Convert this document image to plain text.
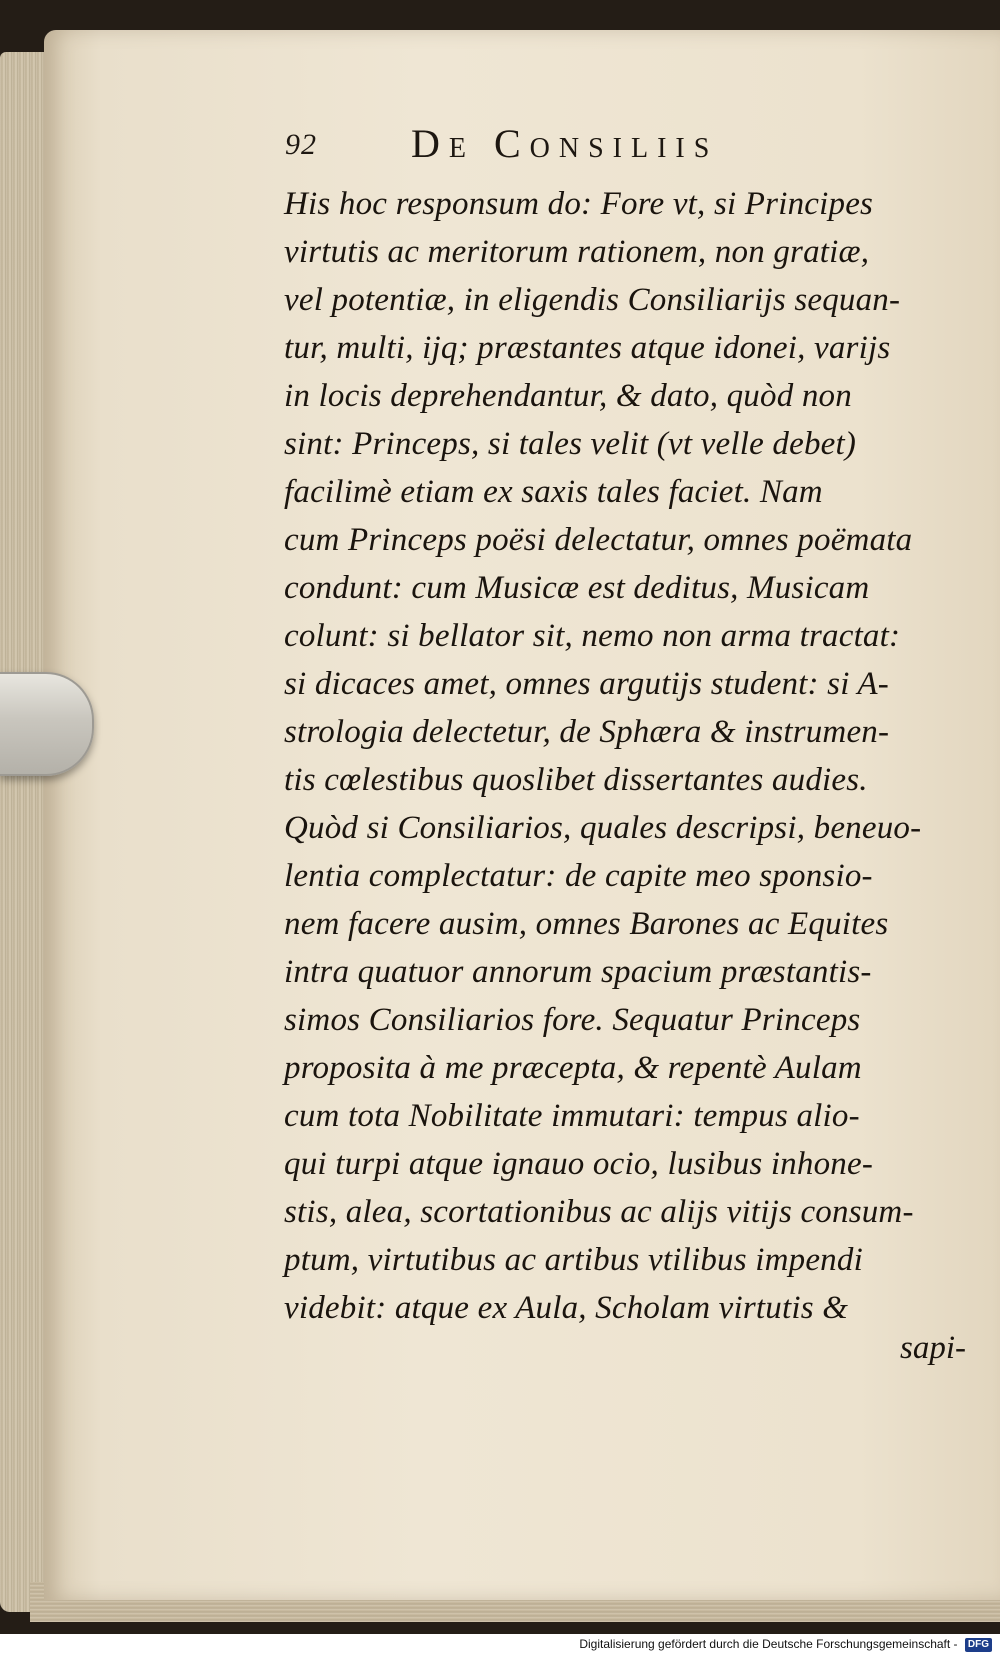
92 De Consiliis
His hoc responsum do: Fore vt, si Principes
virtutis ac meritorum rationem, non gratiæ,
vel potentiæ, in eligendis Consiliarijs sequan-
tur, multi, ijq; præstantes atque idonei, varijs
in locis deprehendantur, & dato, quòd non
sint: Princeps, si tales velit (vt velle debet)
facilimè etiam ex saxis tales faciet. Nam
cum Princeps poësi delectatur, omnes poëmata
condunt: cum Musicæ est deditus, Musicam
colunt: si bellator sit, nemo non arma tractat:
si dicaces amet, omnes argutijs student: si A-
strologia delectetur, de Sphæra & instrumen-
tis cœlestibus quoslibet dissertantes audies.
Quòd si Consiliarios, quales descripsi, beneuo-
lentia complectatur: de capite meo sponsio-
nem facere ausim, omnes Barones ac Equites
intra quatuor annorum spacium præstantis-
simos Consiliarios fore. Sequatur Princeps
proposita à me præcepta, & repentè Aulam
cum tota Nobilitate immutari: tempus alio-
qui turpi atque ignauo ocio, lusibus inhone-
stis, alea, scortationibus ac alijs vitijs consum-
ptum, virtutibus ac artibus vtilibus impendi
videbit: atque ex Aula, Scholam virtutis &
sapi-
Digitalisierung gefördert durch die Deutsche Forschungsgemeinschaft - DFG
